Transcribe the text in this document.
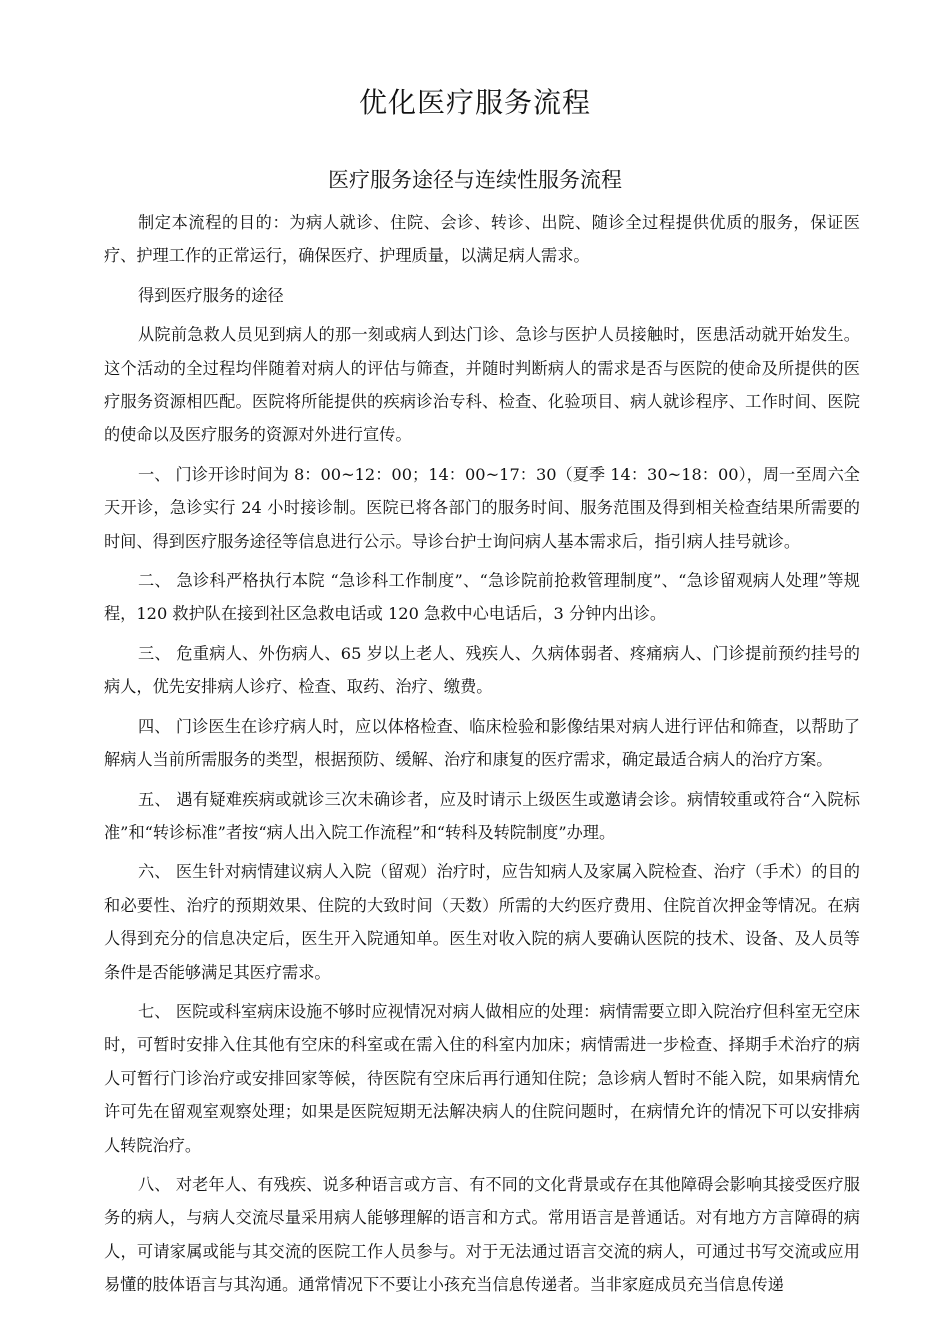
优化医疗服务流程
医疗服务途径与连续性服务流程

制定本流程的目的：为病人就诊、住院、会诊、转诊、出院、随诊全过程提供优质的服务，保证医疗、护理工作的正常运行，确保医疗、护理质量，以满足病人需求。

得到医疗服务的途径

从院前急救人员见到病人的那一刻或病人到达门诊、急诊与医护人员接触时，医患活动就开始发生。这个活动的全过程均伴随着对病人的评估与筛查，并随时判断病人的需求是否与医院的使命及所提供的医疗服务资源相匹配。医院将所能提供的疾病诊治专科、检查、化验项目、病人就诊程序、工作时间、医院的使命以及医疗服务的资源对外进行宣传。

一、 门诊开诊时间为 8：00~12：00；14：00~17：30（夏季 14：30~18：00），周一至周六全天开诊，急诊实行 24 小时接诊制。医院已将各部门的服务时间、服务范围及得到相关检查结果所需要的时间、得到医疗服务途径等信息进行公示。导诊台护士询问病人基本需求后，指引病人挂号就诊。

二、 急诊科严格执行本院 “急诊科工作制度”、“急诊院前抢救管理制度”、“急诊留观病人处理”等规程，120 救护队在接到社区急救电话或 120 急救中心电话后，3 分钟内出诊。

三、 危重病人、外伤病人、65 岁以上老人、残疾人、久病体弱者、疼痛病人、门诊提前预约挂号的病人，优先安排病人诊疗、检查、取药、治疗、缴费。

四、 门诊医生在诊疗病人时，应以体格检查、临床检验和影像结果对病人进行评估和筛查，以帮助了解病人当前所需服务的类型，根据预防、缓解、治疗和康复的医疗需求，确定最适合病人的治疗方案。

五、 遇有疑难疾病或就诊三次未确诊者，应及时请示上级医生或邀请会诊。病情较重或符合“入院标准”和“转诊标准”者按“病人出入院工作流程”和“转科及转院制度”办理。

六、 医生针对病情建议病人入院（留观）治疗时，应告知病人及家属入院检查、治疗（手术）的目的和必要性、治疗的预期效果、住院的大致时间（天数）所需的大约医疗费用、住院首次押金等情况。在病人得到充分的信息决定后，医生开入院通知单。医生对收入院的病人要确认医院的技术、设备、及人员等条件是否能够满足其医疗需求。

七、 医院或科室病床设施不够时应视情况对病人做相应的处理：病情需要立即入院治疗但科室无空床时，可暂时安排入住其他有空床的科室或在需入住的科室内加床；病情需进一步检查、择期手术治疗的病人可暂行门诊治疗或安排回家等候，待医院有空床后再行通知住院；急诊病人暂时不能入院，如果病情允许可先在留观室观察处理；如果是医院短期无法解决病人的住院问题时，在病情允许的情况下可以安排病人转院治疗。

八、 对老年人、有残疾、说多种语言或方言、有不同的文化背景或存在其他障碍会影响其接受医疗服务的病人，与病人交流尽量采用病人能够理解的语言和方式。常用语言是普通话。对有地方方言障碍的病人，可请家属或能与其交流的医院工作人员参与。对于无法通过语言交流的病人，可通过书写交流或应用易懂的肢体语言与其沟通。通常情况下不要让小孩充当信息传递者。当非家庭成员充当信息传递
